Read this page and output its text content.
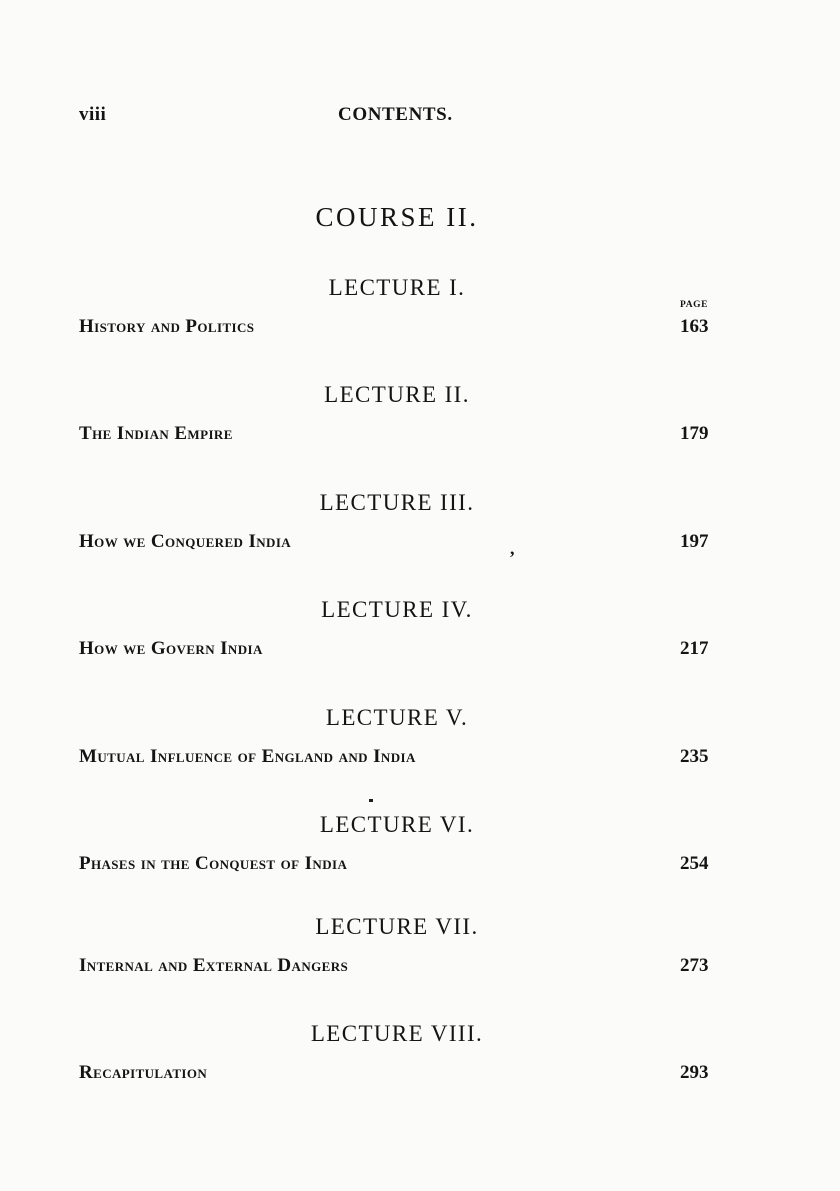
viii	CONTENTS.
COURSE II.
PAGE
LECTURE I.
History and Politics	163
LECTURE II.
The Indian Empire	179
LECTURE III.
How we Conquered India	197
LECTURE IV.
How we Govern India	217
LECTURE V.
Mutual Influence of England and India	235
LECTURE VI.
Phases in the Conquest of India	254
LECTURE VII.
Internal and External Dangers	273
LECTURE VIII.
Recapitulation	293
,
